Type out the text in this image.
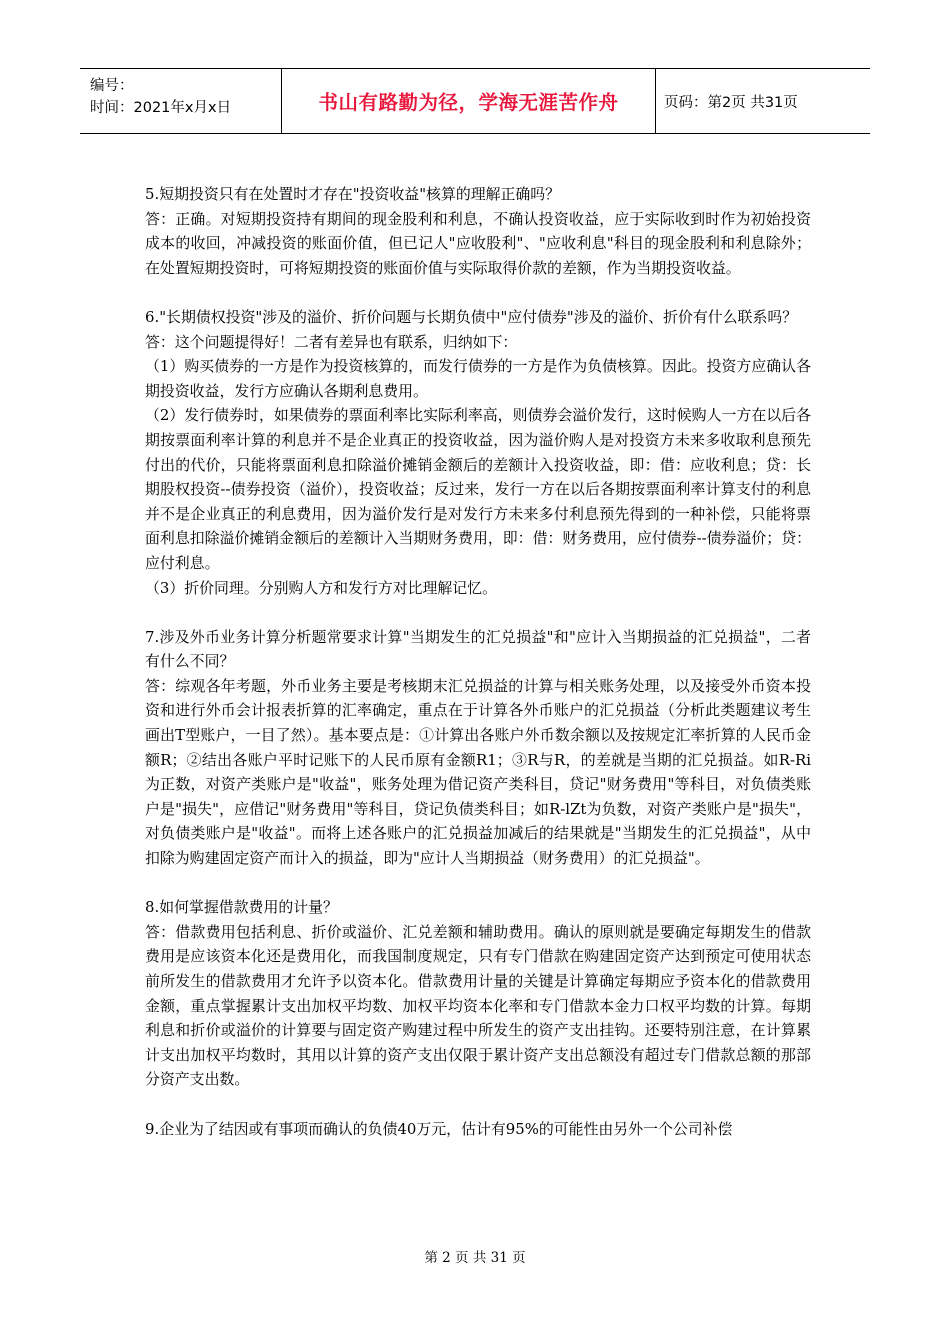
编号：
时间：2021年x月x日	书山有路勤为径，学海无涯苦作舟	页码：第2页 共31页

5.短期投资只有在处置时才存在"投资收益"核算的理解正确吗？

答：正确。对短期投资持有期间的现金股利和利息，不确认投资收益，应于实际收到时作为初始投资成本的收回，冲减投资的账面价值，但已记人"应收股利"、"应收利息"科目的现金股利和利息除外；在处置短期投资时，可将短期投资的账面价值与实际取得价款的差额，作为当期投资收益。

6."长期债权投资"涉及的溢价、折价问题与长期负债中"应付债券"涉及的溢价、折价有什么联系吗？

答：这个问题提得好！二者有差异也有联系，归纳如下：

（1）购买债券的一方是作为投资核算的，而发行债券的一方是作为负债核算。因此。投资方应确认各期投资收益，发行方应确认各期利息费用。

（2）发行债券时，如果债券的票面利率比实际利率高，则债券会溢价发行，这时候购人一方在以后各期按票面利率计算的利息并不是企业真正的投资收益，因为溢价购人是对投资方未来多收取利息预先付出的代价，只能将票面利息扣除溢价摊销金额后的差额计入投资收益，即：借：应收利息；贷：长期股权投资--债券投资（溢价），投资收益；反过来，发行一方在以后各期按票面利率计算支付的利息并不是企业真正的利息费用，因为溢价发行是对发行方未来多付利息预先得到的一种补偿，只能将票面利息扣除溢价摊销金额后的差额计入当期财务费用，即：借：财务费用，应付债券--债券溢价；贷：应付利息。

（3）折价同理。分别购人方和发行方对比理解记忆。

7.涉及外币业务计算分析题常要求计算"当期发生的汇兑损益"和"应计入当期损益的汇兑损益"，二者有什么不同？

答：综观各年考题，外币业务主要是考核期末汇兑损益的计算与相关账务处理，以及接受外币资本投资和进行外币会计报表折算的汇率确定，重点在于计算各外币账户的汇兑损益（分析此类题建议考生画出T型账户，一目了然）。基本要点是：①计算出各账户外币数余额以及按规定汇率折算的人民币金额R；②结出各账户平时记账下的人民币原有金额R1；③R与R，的差就是当期的汇兑损益。如R-Ri为正数，对资产类账户是"收益"，账务处理为借记资产类科目，贷记"财务费用"等科目，对负债类账户是"损失"，应借记"财务费用"等科目，贷记负债类科目；如R-lZt为负数，对资产类账户是"损失"，对负债类账户是"收益"。而将上述各账户的汇兑损益加减后的结果就是"当期发生的汇兑损益"，从中扣除为购建固定资产而计入的损益，即为"应计人当期损益（财务费用）的汇兑损益"。

8.如何掌握借款费用的计量？

答：借款费用包括利息、折价或溢价、汇兑差额和辅助费用。确认的原则就是要确定每期发生的借款费用是应该资本化还是费用化，而我国制度规定，只有专门借款在购建固定资产达到预定可使用状态前所发生的借款费用才允许予以资本化。借款费用计量的关键是计算确定每期应予资本化的借款费用金额，重点掌握累计支出加权平均数、加权平均资本化率和专门借款本金力口权平均数的计算。每期利息和折价或溢价的计算要与固定资产购建过程中所发生的资产支出挂钩。还要特别注意，在计算累计支出加权平均数时，其用以计算的资产支出仅限于累计资产支出总额没有超过专门借款总额的那部分资产支出数。

9.企业为了结因或有事项而确认的负债40万元，估计有95%的可能性由另外一个公司补偿

第 2 页 共 31 页
